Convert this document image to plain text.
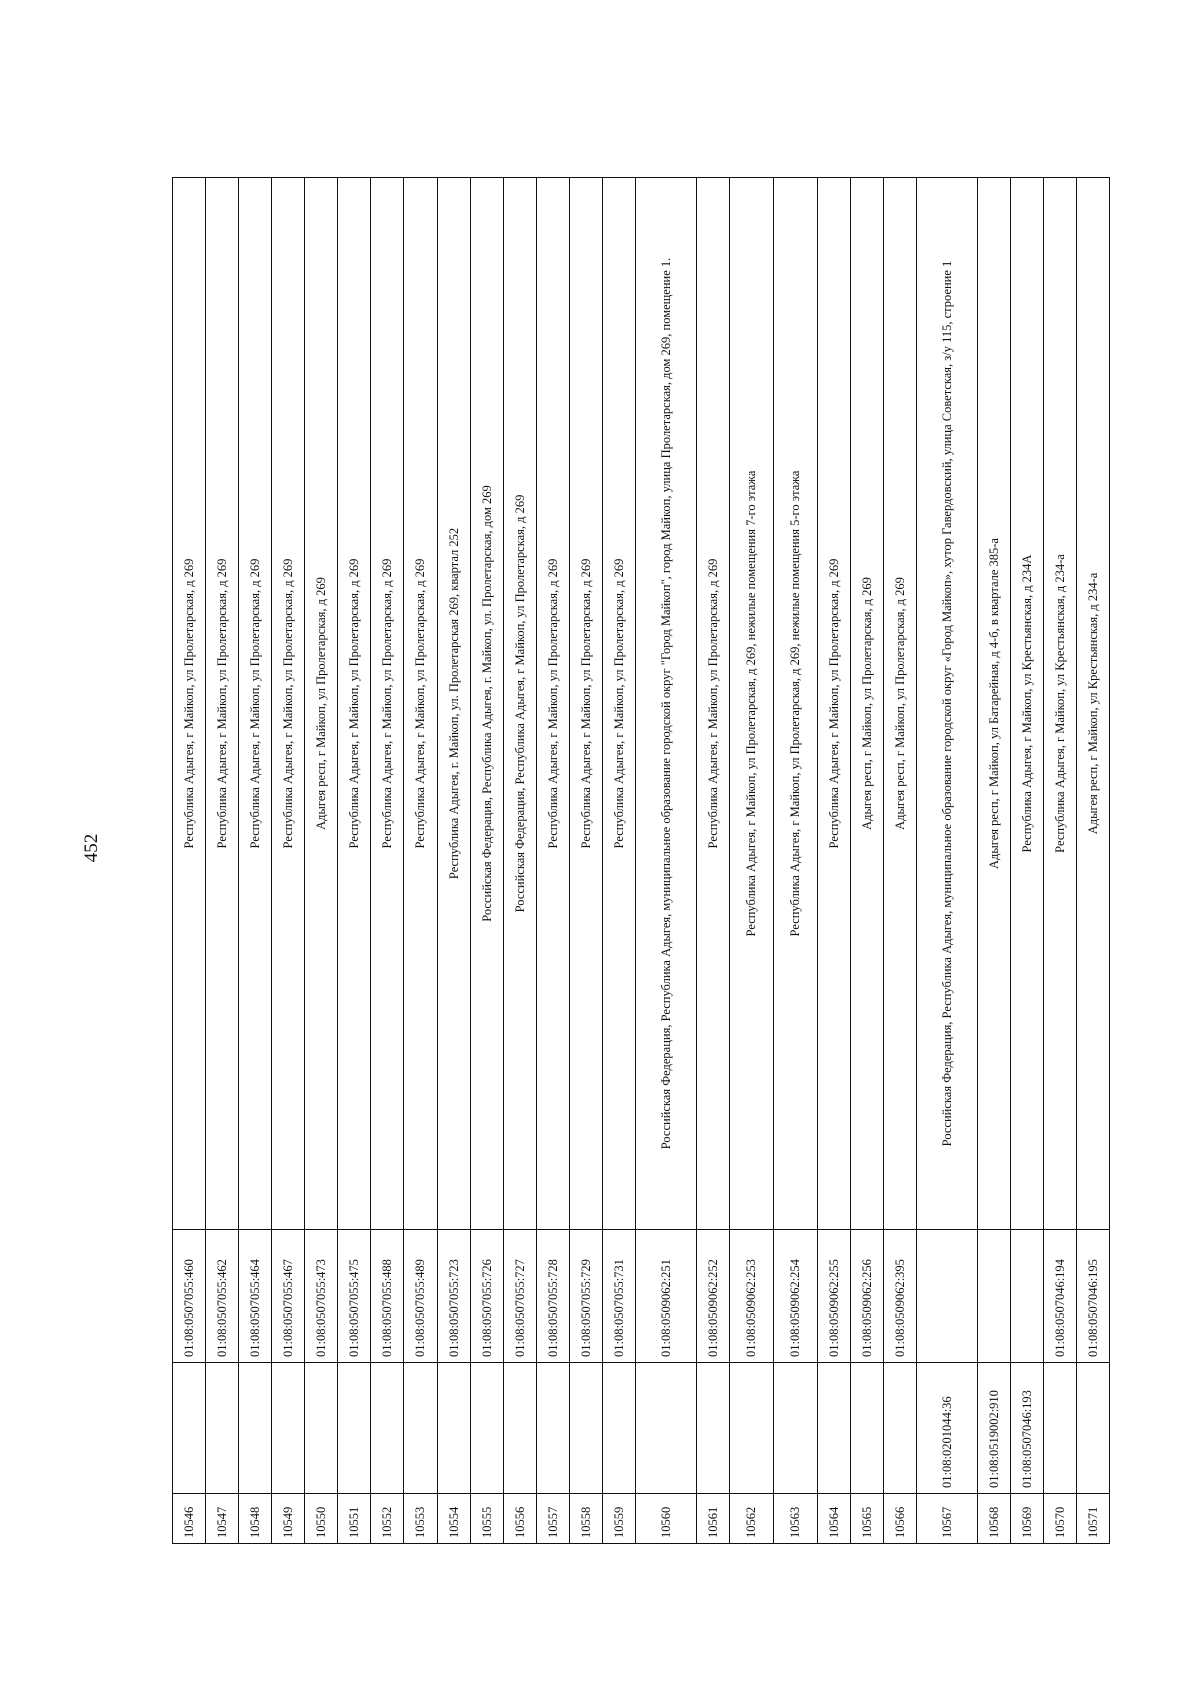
452
10546		01:08:0507055:460	Республика Адыгея, г Майкоп, ул Пролетарская, д 269
10547		01:08:0507055:462	Республика Адыгея, г Майкоп, ул Пролетарская, д 269
10548		01:08:0507055:464	Республика Адыгея, г Майкоп, ул Пролетарская, д 269
10549		01:08:0507055:467	Республика Адыгея, г Майкоп, ул Пролетарская, д 269
10550		01:08:0507055:473	Адыгея респ, г Майкоп, ул Пролетарская, д 269
10551		01:08:0507055:475	Республика Адыгея, г Майкоп, ул Пролетарская, д 269
10552		01:08:0507055:488	Республика Адыгея, г Майкоп, ул Пролетарская, д 269
10553		01:08:0507055:489	Республика Адыгея, г Майкоп, ул Пролетарская, д 269
10554		01:08:0507055:723	Республика Адыгея, г. Майкоп, ул. Пролетарская 269, квартал 252
10555		01:08:0507055:726	Российская Федерация, Республика Адыгея, г. Майкоп, ул. Пролетарская, дом 269
10556		01:08:0507055:727	Российская Федерация, Республика Адыгея, г Майкоп, ул Пролетарская, д 269
10557		01:08:0507055:728	Республика Адыгея, г Майкоп, ул Пролетарская, д 269
10558		01:08:0507055:729	Республика Адыгея, г Майкоп, ул Пролетарская, д 269
10559		01:08:0507055:731	Республика Адыгея, г Майкоп, ул Пролетарская, д 269
10560		01:08:0509062:251	Российская Федерация, Республика Адыгея, муниципальное образование городской округ "Город Майкоп", город Майкоп, улица Пролетарская, дом 269, помещение 1.
10561		01:08:0509062:252	Республика Адыгея, г Майкоп, ул Пролетарская, д 269
10562		01:08:0509062:253	Республика Адыгея, г Майкоп, ул Пролетарская, д 269, нежилые помещения 7-го этажа
10563		01:08:0509062:254	Республика Адыгея, г Майкоп, ул Пролетарская, д 269, нежилые помещения 5-го этажа
10564		01:08:0509062:255	Республика Адыгея, г Майкоп, ул Пролетарская, д 269
10565		01:08:0509062:256	Адыгея респ, г Майкоп, ул Пролетарская, д 269
10566		01:08:0509062:395	Адыгея респ, г Майкоп, ул Пролетарская, д 269
10567	01:08:0201044:36		Российская Федерация, Республика Адыгея, муниципальное образование городской округ «Город Майкоп», хутор Гавердовский, улица Советская, з/у 115, строение 1
10568	01:08:0519002:910		Адыгея респ, г Майкоп, ул Батарейная, д 4-б, в квартале 385-а
10569	01:08:0507046:193		Республика Адыгея, г Майкоп, ул Крестьянская, д 234А
10570		01:08:0507046:194	Республика Адыгея, г Майкоп, ул Крестьянская, д 234-а
10571		01:08:0507046:195	Адыгея респ, г Майкоп, ул Крестьянская, д 234-а
